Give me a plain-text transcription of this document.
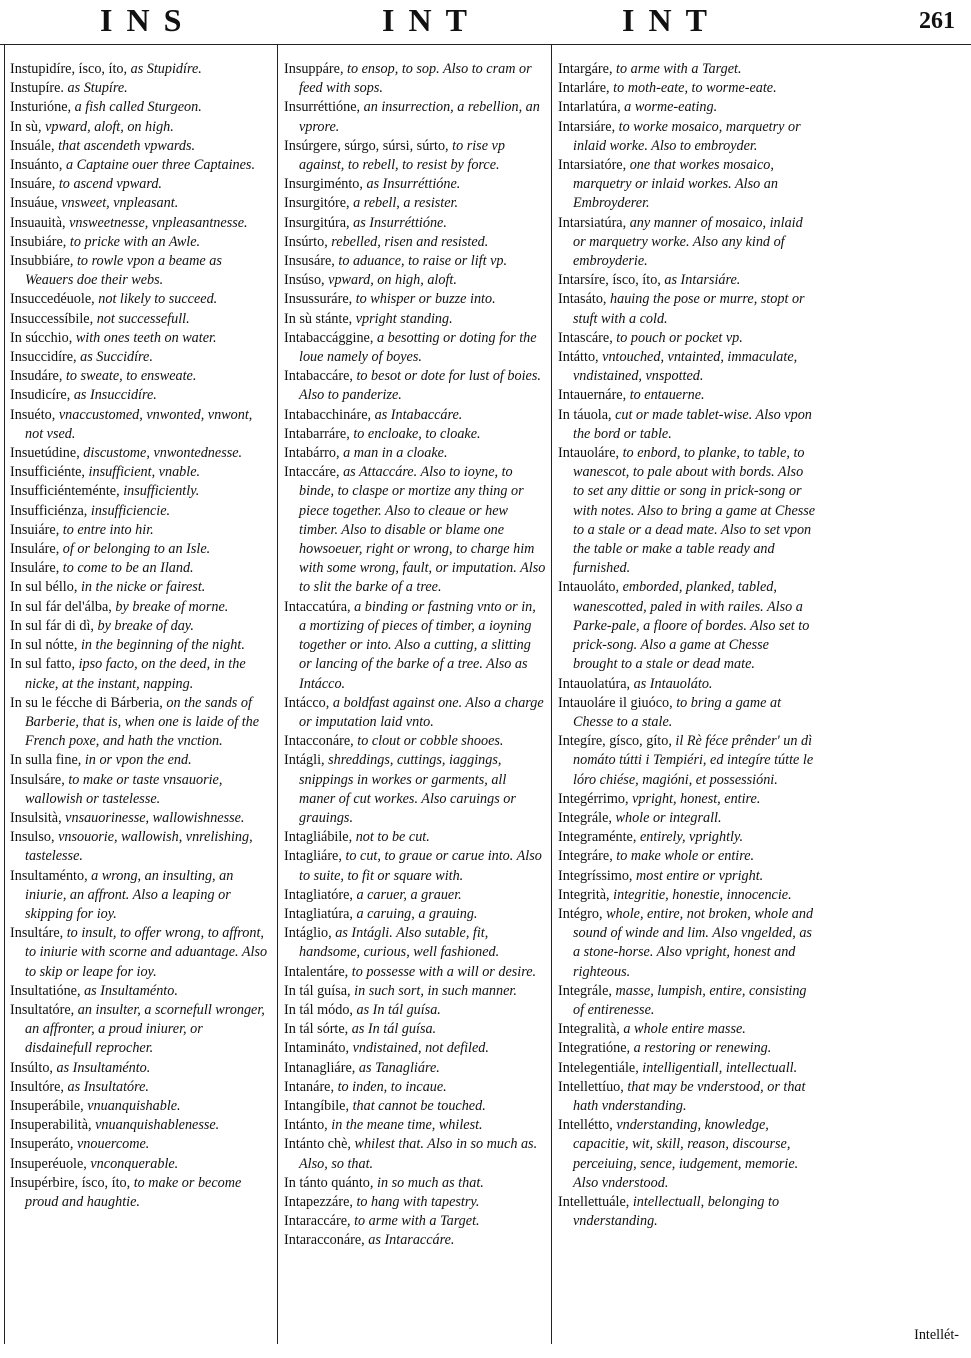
INS	INT	INT	261

Instupidíre, ísco, íto, as Stupidíre.

Instupíre. as Stupíre.

Insturióne, a fish called Sturgeon.

In sù, vpward, aloft, on high.

Insuále, that ascendeth vpwards.

Insuánto, a Captaine ouer three Captaines.

Insuáre, to ascend vpward.

Insuáue, vnsweet, vnpleasant.

Insuauità, vnsweetnesse, vnpleasantnesse.

Insubiáre, to pricke with an Awle.

Insubbiáre, to rowle vpon a beame as Weauers doe their webs.

Insuccedéuole, not likely to succeed.

Insuccessíbile, not successefull.

In súcchio, with ones teeth on water.

Insuccidíre, as Succidíre.

Insudáre, to sweate, to ensweate.

Insudicíre, as Insuccidíre.

Insuéto, vnaccustomed, vnwonted, vnwont, not vsed.

Insuetúdine, discustome, vnwontednesse.

Insufficiénte, insufficient, vnable.

Insufficiénteménte, insufficiently.

Insufficiénza, insufficiencie.

Insuiáre, to entre into hir.

Insuláre, of or belonging to an Isle.

Insuláre, to come to be an Iland.

In sul béllo, in the nicke or fairest.

In sul fár del'álba, by breake of morne.

In sul fár di dì, by breake of day.

In sul nótte, in the beginning of the night.

In sul fatto, ipso facto, on the deed, in the nicke, at the instant, napping.

In su le fécche di Bárberia, on the sands of Barberie, that is, when one is laide of the French poxe, and hath the vnction.

In sulla fine, in or vpon the end.

Insulsáre, to make or taste vnsauorie, wallowish or tastelesse.

Insulsità, vnsauorinesse, wallowishnesse.

Insulso, vnsouorie, wallowish, vnrelishing, tastelesse.

Insultaménto, a wrong, an insulting, an iniurie, an affront. Also a leaping or skipping for ioy.

Insultáre, to insult, to offer wrong, to affront, to iniurie with scorne and aduantage. Also to skip or leape for ioy.

Insultatióne, as Insultaménto.

Insultatóre, an insulter, a scornefull wronger, an affronter, a proud iniurer, or disdainefull reprocher.

Insúlto, as Insultaménto.

Insultóre, as Insultatóre.

Insuperábile, vnuanquishable.

Insuperabilità, vnuanquishablenesse.

Insuperáto, vnouercome.

Insuperéuole, vnconquerable.

Insupérbire, ísco, íto, to make or become proud and haughtie.

Insuppáre, to ensop, to sop. Also to cram or feed with sops.

Insurréttióne, an insurrection, a rebellion, an vprore.

Insúrgere, súrgo, súrsi, súrto, to rise vp against, to rebell, to resist by force.

Insurgiménto, as Insurréttióne.

Insurgitóre, a rebell, a resister.

Insurgitúra, as Insurréttióne.

Insúrto, rebelled, risen and resisted.

Insusáre, to aduance, to raise or lift vp.

Insúso, vpward, on high, aloft.

Insussuráre, to whisper or buzze into.

In sù stánte, vpright standing.

Intabaccággine, a besotting or doting for the loue namely of boyes.

Intabaccáre, to besot or dote for lust of boies. Also to panderize.

Intabacchináre, as Intabaccáre.

Intabarráre, to encloake, to cloake.

Intabárro, a man in a cloake.

Intaccáre, as Attaccáre. Also to ioyne, to binde, to claspe or mortize any thing or piece together. Also to cleaue or hew timber. Also to disable or blame one howsoeuer, right or wrong, to charge him with some wrong, fault, or imputation. Also to slit the barke of a tree.

Intaccatúra, a binding or fastning vnto or in, a mortizing of pieces of timber, a ioyning together or into. Also a cutting, a slitting or lancing of the barke of a tree. Also as Intácco.

Intácco, a boldfast against one. Also a charge or imputation laid vnto.

Intacconáre, to clout or cobble shooes.

Intágli, shreddings, cuttings, iaggings, snippings in workes or garments, all maner of cut workes. Also caruings or grauings.

Intagliábile, not to be cut.

Intagliáre, to cut, to graue or carue into. Also to suite, to fit or square with.

Intagliatóre, a caruer, a grauer.

Intagliatúra, a caruing, a grauing.

Intáglio, as Intágli. Also sutable, fit, handsome, curious, well fashioned.

Intalentáre, to possesse with a will or desire.

In tál guísa, in such sort, in such manner.

In tál módo, as In tál guísa.

In tál sórte, as In tál guísa.

Intamináto, vndistained, not defiled.

Intanagliáre, as Tanagliáre.

Intanáre, to inden, to incaue.

Intangíbile, that cannot be touched.

Intánto, in the meane time, whilest.

Intánto chè, whilest that. Also in so much as. Also, so that.

In tánto quánto, in so much as that.

Intapezzáre, to hang with tapestry.

Intaraccáre, to arme with a Target.

Intaracconáre, as Intaraccáre.

Intargáre, to arme with a Target.

Intarláre, to moth-eate, to worme-eate.

Intarlatúra, a worme-eating.

Intarsiáre, to worke mosaico, marquetry or inlaid worke. Also to embroyder.

Intarsiatóre, one that workes mosaico, marquetry or inlaid workes. Also an Embroyderer.

Intarsiatúra, any manner of mosaico, inlaid or marquetry worke. Also any kind of embroyderie.

Intarsíre, ísco, íto, as Intarsiáre.

Intasáto, hauing the pose or murre, stopt or stuft with a cold.

Intascáre, to pouch or pocket vp.

Intátto, vntouched, vntainted, immaculate, vndistained, vnspotted.

Intauernáre, to entauerne.

In táuola, cut or made tablet-wise. Also vpon the bord or table.

Intauoláre, to enbord, to planke, to table, to wanescot, to pale about with bords. Also to set any dittie or song in prick-song or with notes. Also to bring a game at Chesse to a stale or a dead mate. Also to set vpon the table or make a table ready and furnished.

Intauoláto, emborded, planked, tabled, wanescotted, paled in with railes. Also a Parke-pale, a floore of bordes. Also set to prick-song. Also a game at Chesse brought to a stale or dead mate.

Intauolatúra, as Intauoláto.

Intauoláre il giuóco, to bring a game at Chesse to a stale.

Integíre, gísco, gíto, il Rè féce prênder' un dì nomáto tútti i Tempiéri, ed integíre tútte le lóro chiése, magióni, et possessióni.

Integérrimo, vpright, honest, entire.

Integrále, whole or integrall.

Integraménte, entirely, vprightly.

Integráre, to make whole or entire.

Integríssimo, most entire or vpright.

Integrità, integritie, honestie, innocencie.

Intégro, whole, entire, not broken, whole and sound of winde and lim. Also vngelded, as a stone-horse. Also vpright, honest and righteous.

Integrále, masse, lumpish, entire, consisting of entirenesse.

Integralità, a whole entire masse.

Integratióne, a restoring or renewing.

Intelegentiále, intelligentiall, intellectuall.

Intellettíuo, that may be vnderstood, or that hath vnderstanding.

Intellétto, vnderstanding, knowledge, capacitie, wit, skill, reason, discourse, perceiuing, sence, iudgement, memorie. Also vnderstood.

Intellettuále, intellectuall, belonging to vnderstanding.

Intellét-
